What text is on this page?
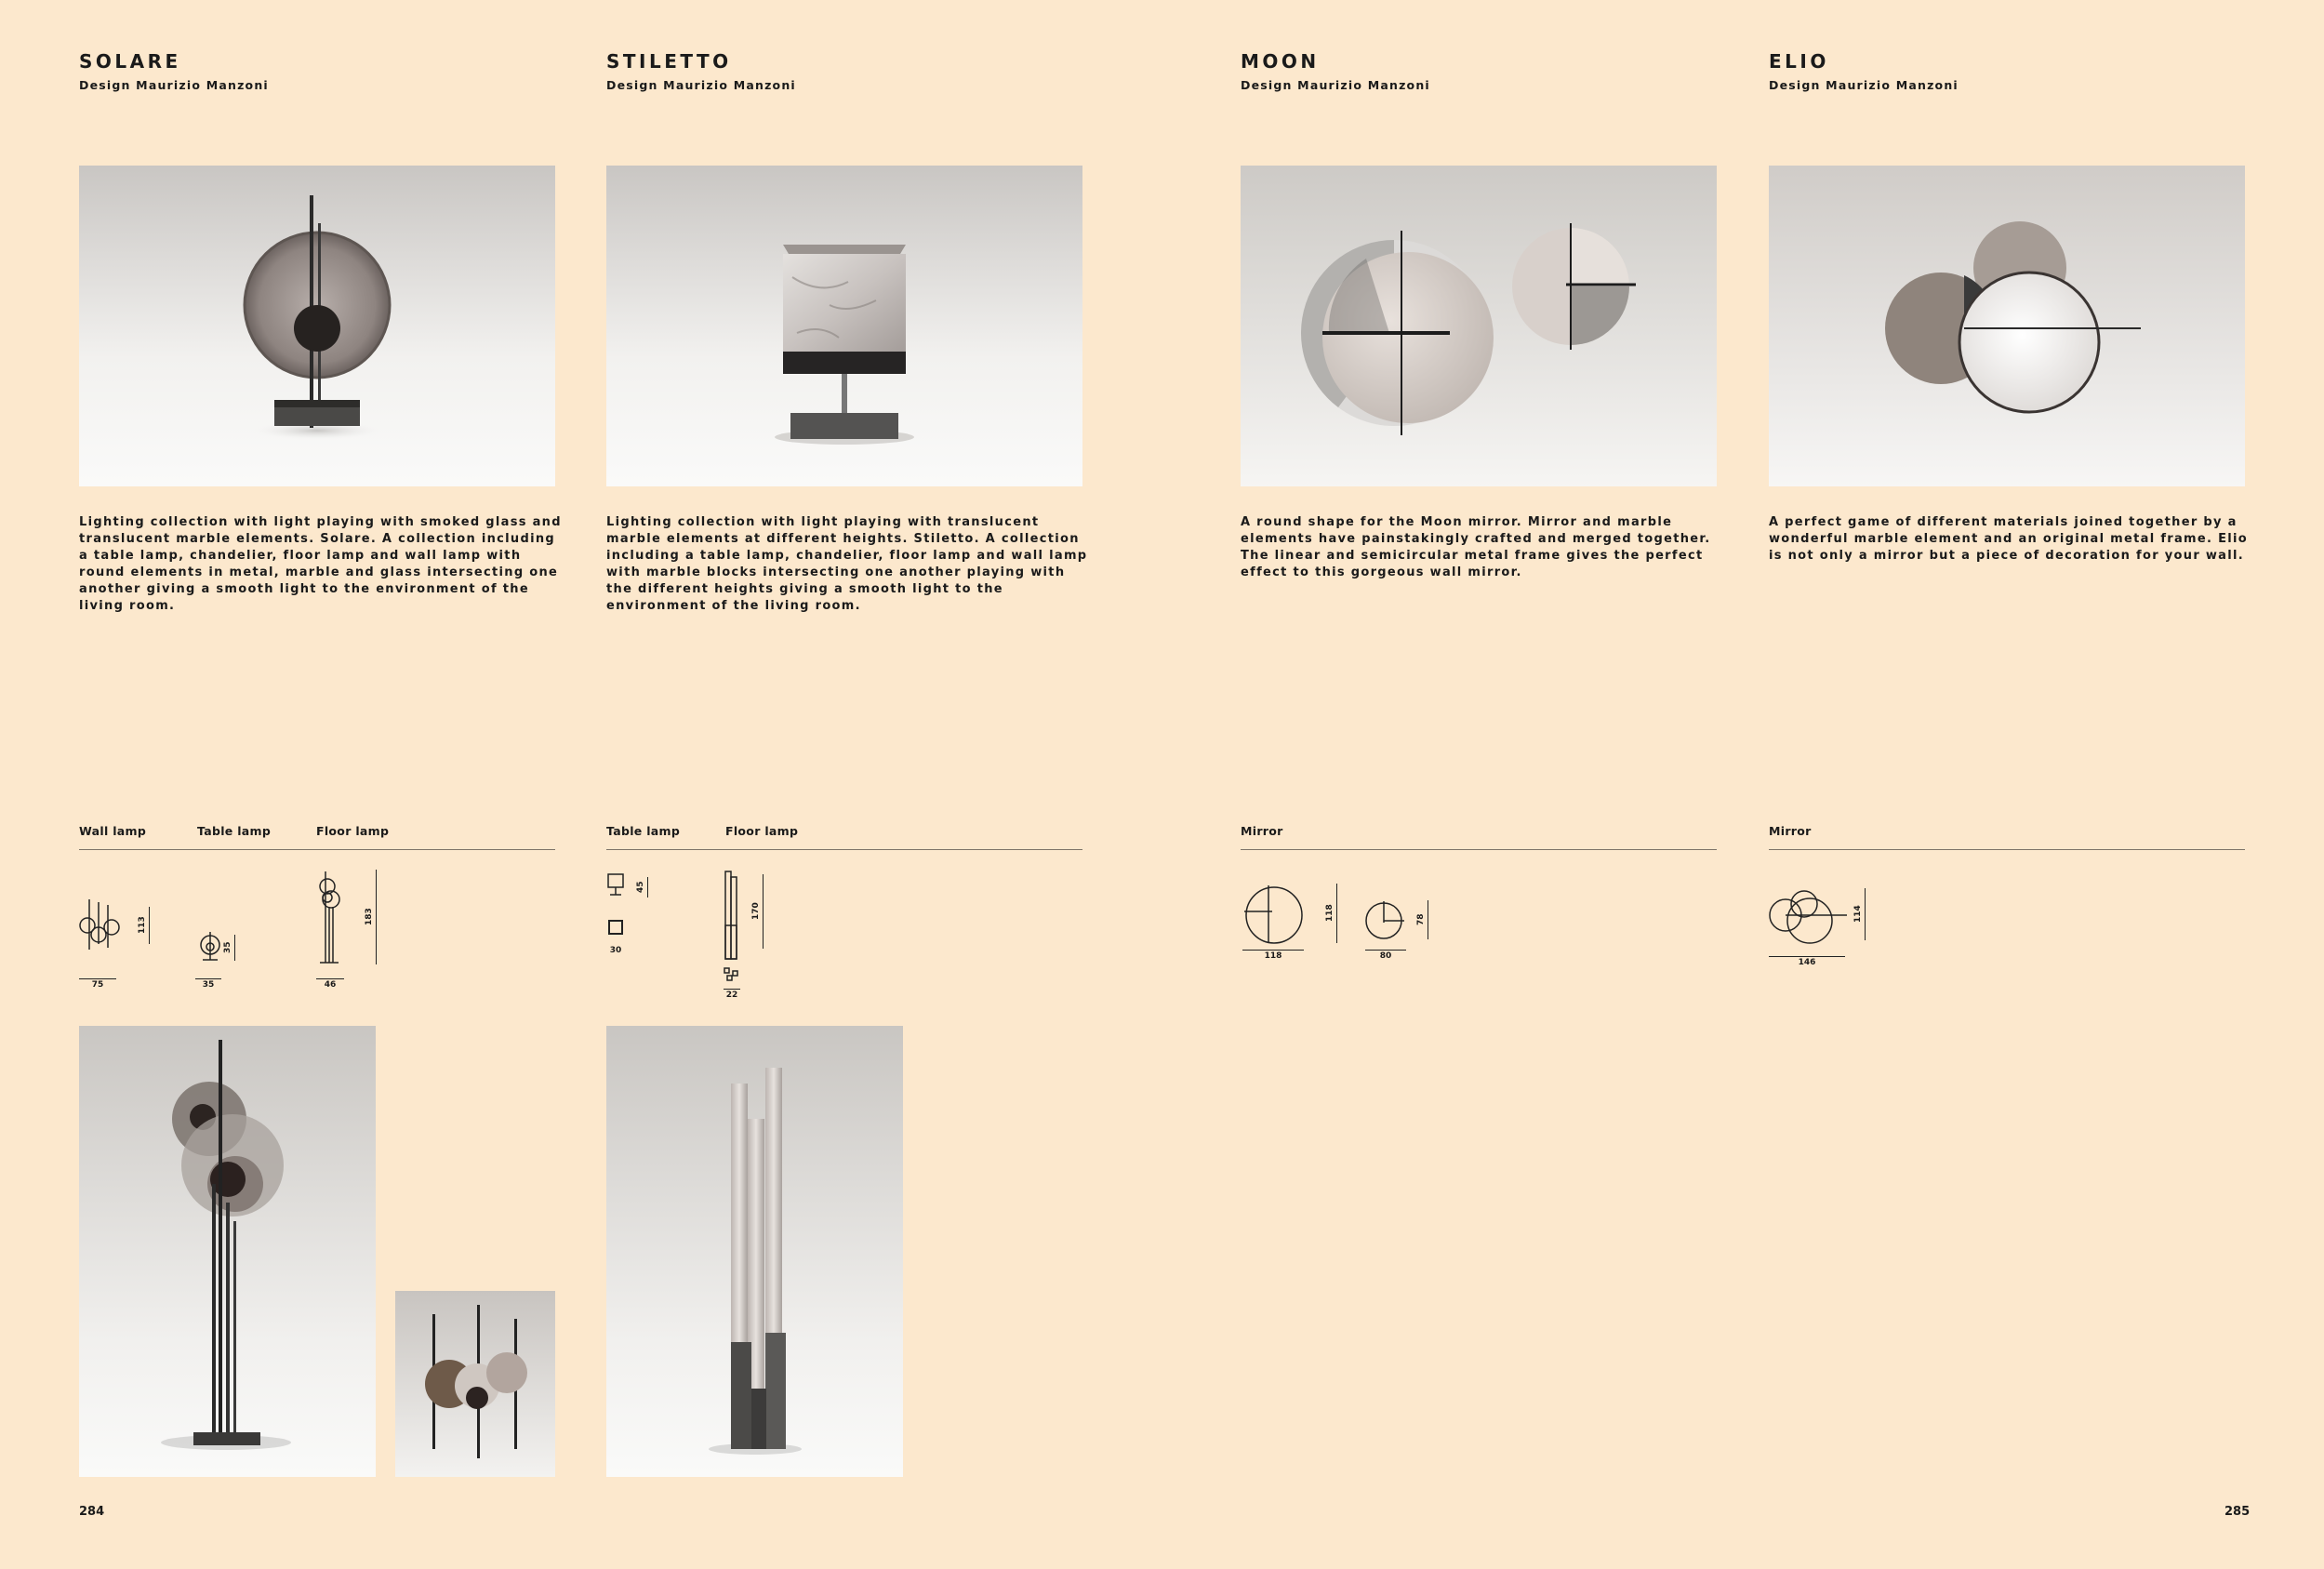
SOLARE
Design Maurizio Manzoni
STILETTO
Design Maurizio Manzoni
MOON
Design Maurizio Manzoni
ELIO
Design Maurizio Manzoni
Lighting collection with light playing with smoked glass and translucent marble elements. Solare. A collection including a table lamp, chandelier, floor lamp and wall lamp with round elements in metal, marble and glass intersecting one another giving a smooth light to the environment of the living room.
Lighting collection with light playing with translucent marble elements at different heights. Stiletto. A collection including a table lamp, chandelier, floor lamp and wall lamp with marble blocks intersecting one another playing with the different heights giving a smooth light to the environment of the living room.
A round shape for the Moon mirror. Mirror and marble elements have painstakingly crafted and merged together. The linear and semicircular metal frame gives the perfect effect to this gorgeous wall mirror.
A perfect game of different materials joined together by a wonderful marble element and an original metal frame. Elio is not only a mirror but a piece of decoration for your wall.
Wall lamp	Table lamp	Floor lamp	Table lamp	Floor lamp	Mirror	Mirror
113
75
35
35
183
46
45
30
170
22
118
118
78
80
114
146
284	285
